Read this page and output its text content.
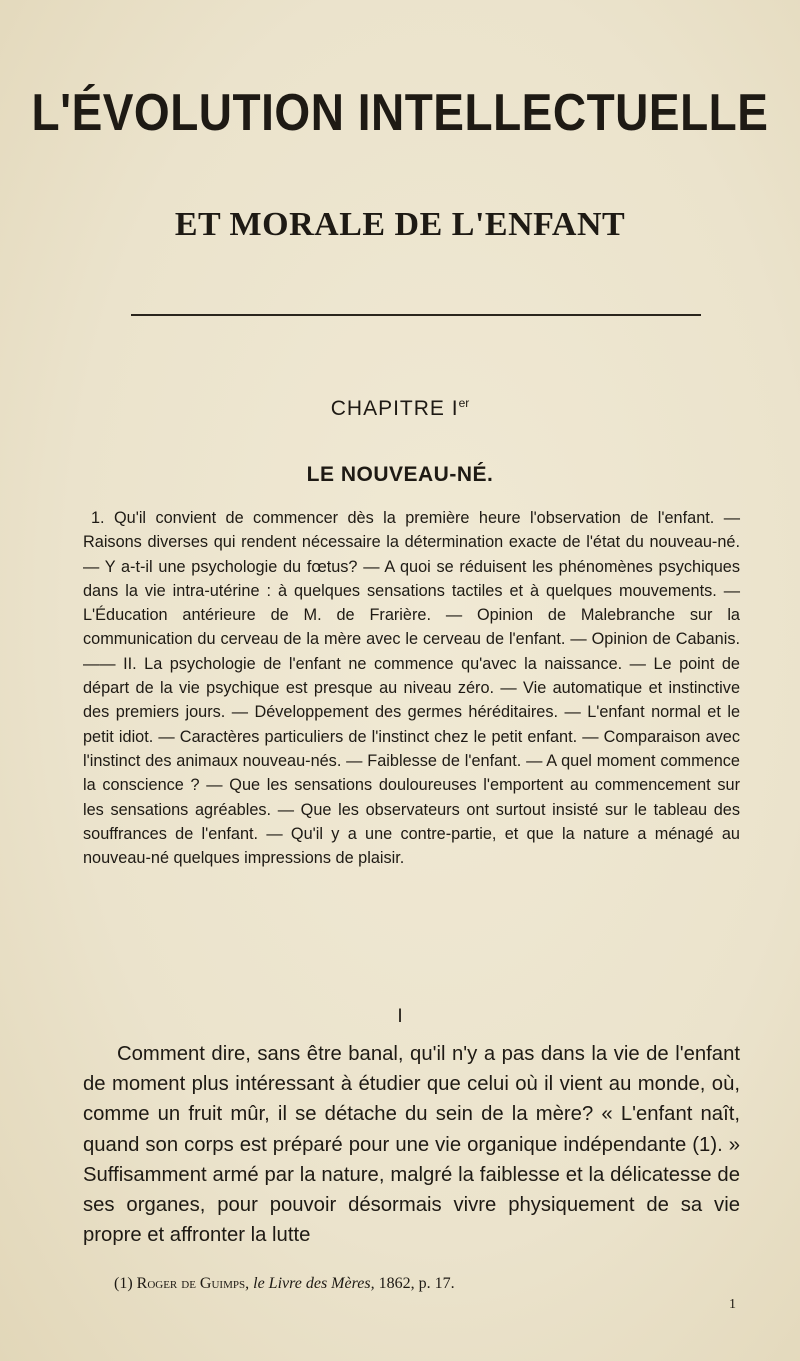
L'ÉVOLUTION INTELLECTUELLE
ET MORALE DE L'ENFANT
CHAPITRE Ier
LE NOUVEAU-NÉ.

1. Qu'il convient de commencer dès la première heure l'observation de l'enfant. — Raisons diverses qui rendent nécessaire la détermination exacte de l'état du nouveau-né. — Y a-t-il une psychologie du fœtus? — A quoi se réduisent les phénomènes psychiques dans la vie intra-utérine : à quelques sensations tactiles et à quelques mouvements. — L'Éducation antérieure de M. de Frarière. — Opinion de Malebranche sur la communication du cerveau de la mère avec le cerveau de l'enfant. — Opinion de Cabanis. —— II. La psychologie de l'enfant ne commence qu'avec la naissance. — Le point de départ de la vie psychique est presque au niveau zéro. — Vie automatique et instinctive des premiers jours. — Développement des germes héréditaires. — L'enfant normal et le petit idiot. — Caractères particuliers de l'instinct chez le petit enfant. — Comparaison avec l'instinct des animaux nouveau-nés. — Faiblesse de l'enfant. — A quel moment commence la conscience ? — Que les sensations douloureuses l'emportent au commencement sur les sensations agréables. — Que les observateurs ont surtout insisté sur le tableau des souffrances de l'enfant. — Qu'il y a une contre-partie, et que la nature a ménagé au nouveau-né quelques impressions de plaisir.

I

Comment dire, sans être banal, qu'il n'y a pas dans la vie de l'enfant de moment plus intéressant à étudier que celui où il vient au monde, où, comme un fruit mûr, il se détache du sein de la mère? « L'enfant naît, quand son corps est préparé pour une vie organique indépendante (1). » Suffisamment armé par la nature, malgré la faiblesse et la délicatesse de ses organes, pour pouvoir désormais vivre physiquement de sa vie propre et affronter la lutte

(1) Roger de Guimps, le Livre des Mères, 1862, p. 17.
1
